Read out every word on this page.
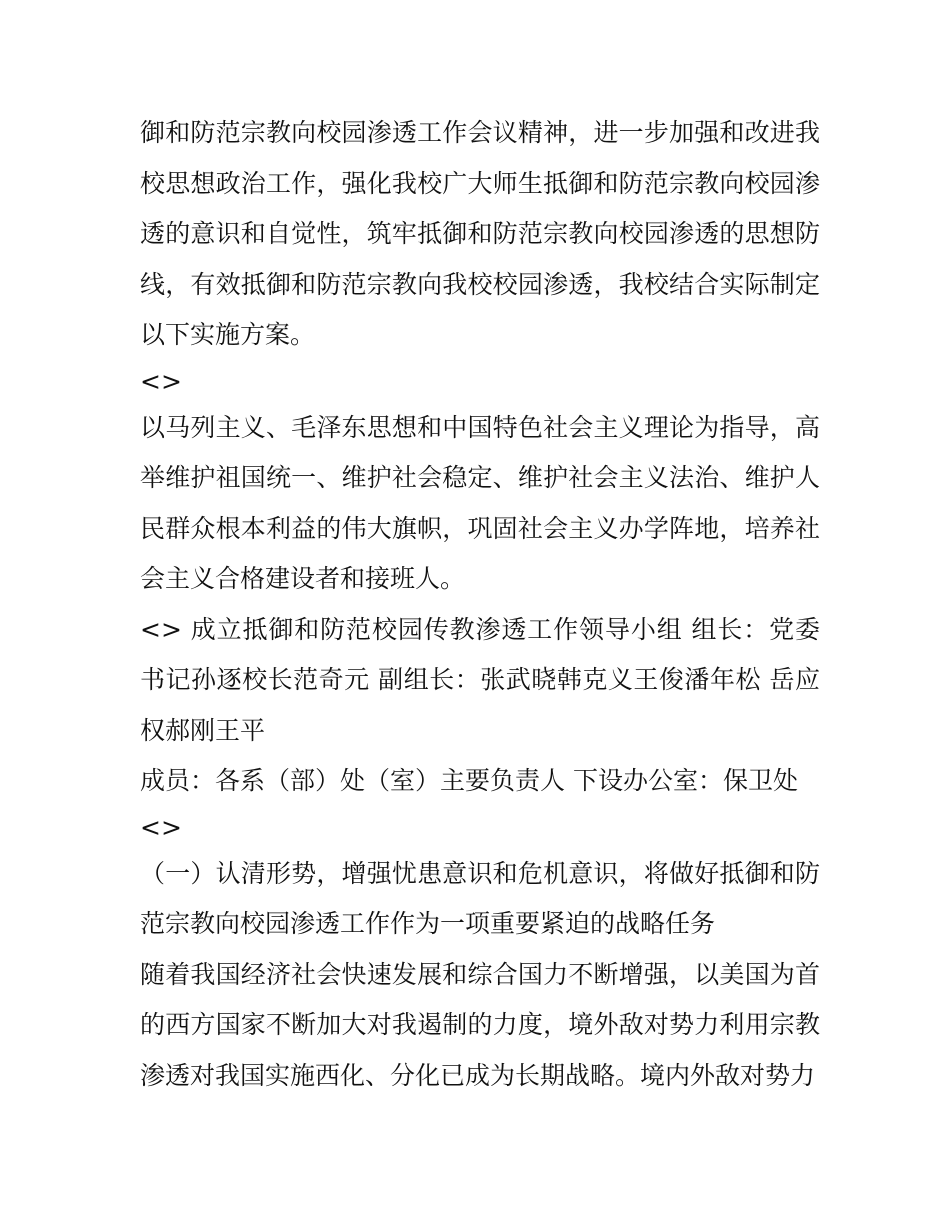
御和防范宗教向校园渗透工作会议精神，进一步加强和改进我校思想政治工作，强化我校广大师生抵御和防范宗教向校园渗透的意识和自觉性，筑牢抵御和防范宗教向校园渗透的思想防线，有效抵御和防范宗教向我校校园渗透，我校结合实际制定以下实施方案。

<>

以马列主义、毛泽东思想和中国特色社会主义理论为指导，高举维护祖国统一、维护社会稳定、维护社会主义法治、维护人民群众根本利益的伟大旗帜，巩固社会主义办学阵地，培养社会主义合格建设者和接班人。

<> 成立抵御和防范校园传教渗透工作领导小组 组长：党委书记孙逐校长范奇元 副组长：张武晓韩克义王俊潘年松 岳应权郝刚王平

成员：各系（部）处（室）主要负责人 下设办公室：保卫处

<>

（一）认清形势，增强忧患意识和危机意识，将做好抵御和防范宗教向校园渗透工作作为一项重要紧迫的战略任务

随着我国经济社会快速发展和综合国力不断增强，以美国为首的西方国家不断加大对我遏制的力度，境外敌对势力利用宗教渗透对我国实施西化、分化已成为长期战略。境内外敌对势力
